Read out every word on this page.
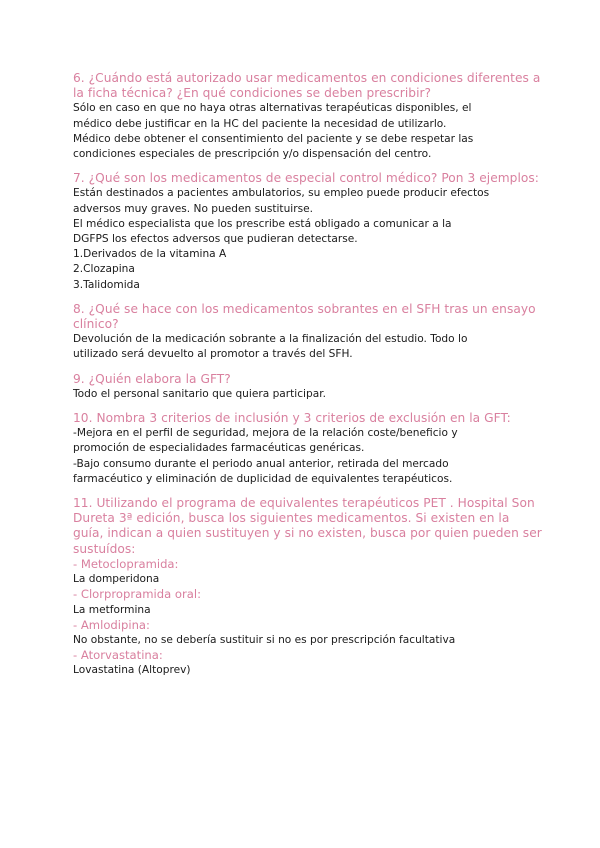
6. ¿Cuándo está autorizado usar medicamentos en condiciones diferentes a la ficha técnica? ¿En qué condiciones se deben prescribir?

Sólo en caso en que no haya otras alternativas terapéuticas disponibles, el

médico debe justificar en la HC del paciente la necesidad de utilizarlo.

Médico debe obtener el consentimiento del paciente y se debe respetar las

condiciones especiales de prescripción y/o dispensación del centro.

7. ¿Qué son los medicamentos de especial control médico? Pon 3 ejemplos:

Están destinados a pacientes ambulatorios, su empleo puede producir efectos

adversos muy graves. No pueden sustituirse.

El médico especialista que los prescribe está obligado a comunicar a la

DGFPS los efectos adversos que pudieran detectarse.

1.Derivados de la vitamina A

2.Clozapina

3.Talidomida

8. ¿Qué se hace con los medicamentos sobrantes en el SFH tras un ensayo clínico?

Devolución de la medicación sobrante a la finalización del estudio. Todo lo

utilizado será devuelto al promotor a través del SFH.

9. ¿Quién elabora la GFT?

Todo el personal sanitario que quiera participar.

10. Nombra 3 criterios de inclusión y 3 criterios de exclusión en la GFT:

-Mejora en el perfil de seguridad, mejora de la relación coste/beneficio y

promoción de especialidades farmacéuticas genéricas.

-Bajo consumo durante el periodo anual anterior, retirada del mercado

farmacéutico y eliminación de duplicidad de equivalentes terapéuticos.

11. Utilizando el programa de equivalentes terapéuticos PET . Hospital Son Dureta 3ª edición, busca los siguientes medicamentos. Si existen en la guía, indican a quien sustituyen y si no existen, busca por quien pueden ser sustuídos:

- Metoclopramida:

La domperidona

- Clorpropramida oral:

La metformina

- Amlodipina:

No obstante, no se debería sustituir si no es por prescripción facultativa

- Atorvastatina:

Lovastatina (Altoprev)
